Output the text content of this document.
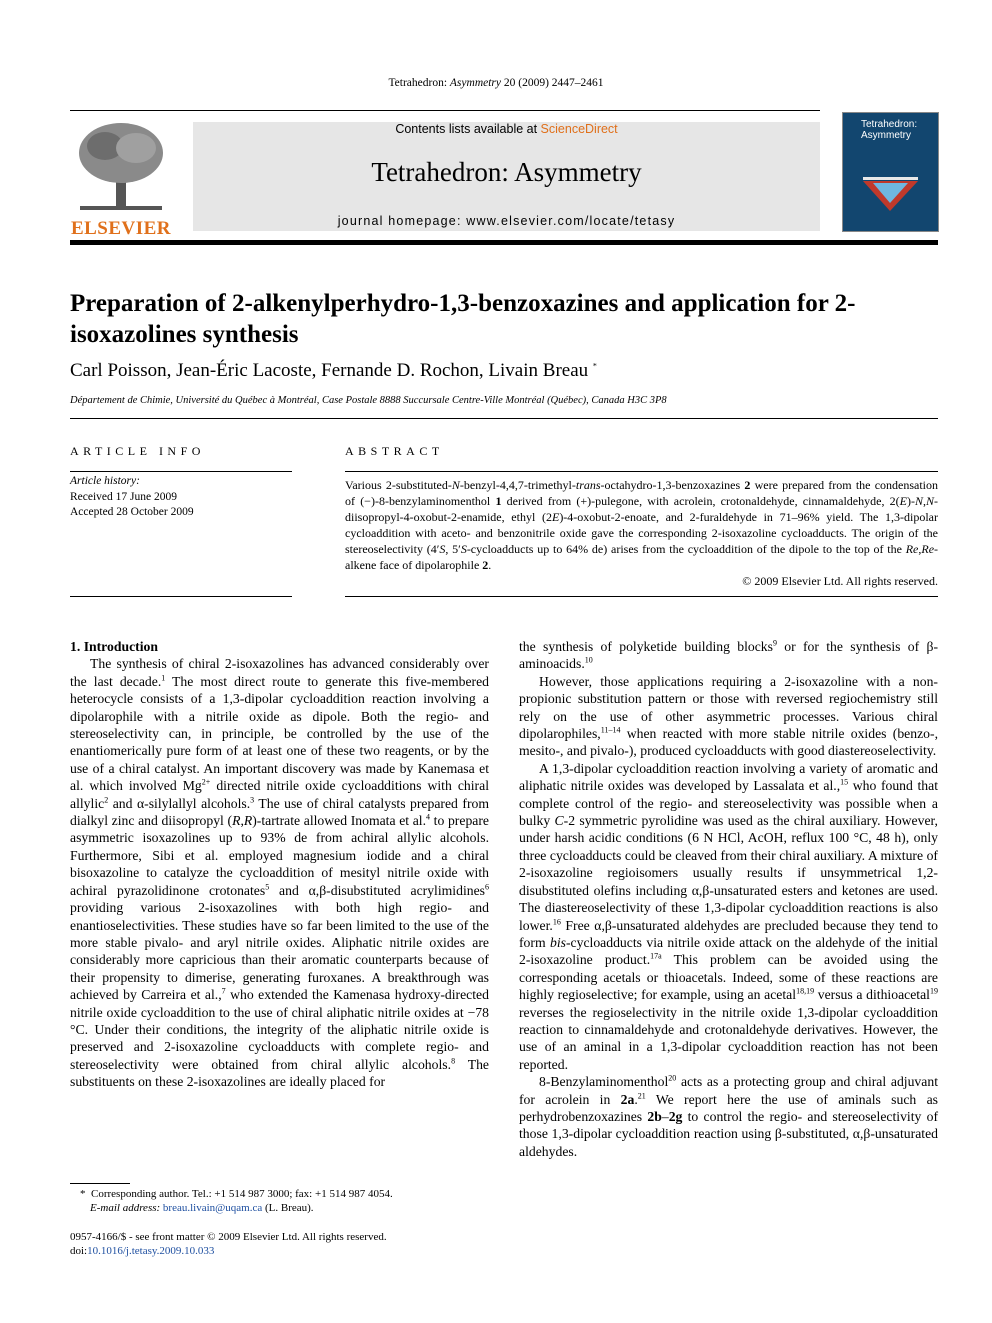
Tetrahedron: Asymmetry 20 (2009) 2447–2461
ELSEVIER
Contents lists available at ScienceDirect
Tetrahedron: Asymmetry
journal homepage: www.elsevier.com/locate/tetasy
Tetrahedron: Asymmetry
Preparation of 2-alkenylperhydro-1,3-benzoxazines and application for 2-isoxazolines synthesis
Carl Poisson, Jean-Éric Lacoste, Fernande D. Rochon, Livain Breau *
Département de Chimie, Université du Québec à Montréal, Case Postale 8888 Succursale Centre-Ville Montréal (Québec), Canada H3C 3P8
ARTICLE INFO
Article history:
Received 17 June 2009
Accepted 28 October 2009
ABSTRACT
Various 2-substituted-N-benzyl-4,4,7-trimethyl-trans-octahydro-1,3-benzoxazines 2 were prepared from the condensation of (−)-8-benzylaminomenthol 1 derived from (+)-pulegone, with acrolein, crotonaldehyde, cinnamaldehyde, 2(E)-N,N-diisopropyl-4-oxobut-2-enamide, ethyl (2E)-4-oxobut-2-enoate, and 2-furaldehyde in 71–96% yield. The 1,3-dipolar cycloaddition with aceto- and benzonitrile oxide gave the corresponding 2-isoxazoline cycloadducts. The origin of the stereoselectivity (4′S, 5′S-cycloadducts up to 64% de) arises from the cycloaddition of the dipole to the top of the Re,Re-alkene face of dipolarophile 2.
© 2009 Elsevier Ltd. All rights reserved.

1. Introduction

The synthesis of chiral 2-isoxazolines has advanced considerably over the last decade.$^1$ The most direct route to generate this five-membered heterocycle consists of a 1,3-dipolar cycloaddition reaction involving a dipolarophile with a nitrile oxide as dipole. Both the regio- and stereoselectivity can, in principle, be controlled by the use of the enantiomerically pure form of at least one of these two reagents, or by the use of a chiral catalyst. An important discovery was made by Kanemasa et al. which involved $Mg^{2+}$ directed nitrile oxide cycloadditions with chiral allylic$^2$ and α-silylallyl alcohols.$^3$ The use of chiral catalysts prepared from dialkyl zinc and diisopropyl (R,R)-tartrate allowed Inomata et al.$^4$ to prepare asymmetric isoxazolines up to 93% de from achiral allylic alcohols. Furthermore, Sibi et al. employed magnesium iodide and a chiral bisoxazoline to catalyze the cycloaddition of mesityl nitrile oxide with achiral pyrazolidinone crotonates$^5$ and α,β-disubstituted acrylimidines$^6$ providing various 2-isoxazolines with both high regio- and enantioselectivities. These studies have so far been limited to the use of the more stable pivalo- and aryl nitrile oxides. Aliphatic nitrile oxides are considerably more capricious than their aromatic counterparts because of their propensity to dimerise, generating furoxanes. A breakthrough was achieved by Carreira et al.,$^7$ who extended the Kamenasa hydroxy-directed nitrile oxide cycloaddition to the use of chiral aliphatic nitrile oxides at −78 °C. Under their conditions, the integrity of the aliphatic nitrile oxide is preserved and 2-isoxazoline cycloadducts with complete regio- and stereoselectivity were obtained from chiral allylic alcohols.$^8$ The substituents on these 2-isoxazolines are ideally placed for

the synthesis of polyketide building blocks$^9$ or for the synthesis of β-aminoacids.$^{10}$

However, those applications requiring a 2-isoxazoline with a non-propionic substitution pattern or those with reversed regiochemistry still rely on the use of other asymmetric processes. Various chiral dipolarophiles,$^{11-14}$ when reacted with more stable nitrile oxides (benzo-, mesito-, and pivalo-), produced cycloadducts with good diastereoselectivity.

A 1,3-dipolar cycloaddition reaction involving a variety of aromatic and aliphatic nitrile oxides was developed by Lassalata et al.,$^{15}$ who found that complete control of the regio- and stereoselectivity was possible when a bulky C-2 symmetric pyrolidine was used as the chiral auxiliary. However, under harsh acidic conditions (6 N HCl, AcOH, reflux 100 °C, 48 h), only three cycloadducts could be cleaved from their chiral auxiliary. A mixture of 2-isoxazoline regioisomers usually results if unsymmetrical 1,2-disubstituted olefins including α,β-unsaturated esters and ketones are used. The diastereoselectivity of these 1,3-dipolar cycloaddition reactions is also lower.$^{16}$ Free α,β-unsaturated aldehydes are precluded because they tend to form bis-cycloadducts via nitrile oxide attack on the aldehyde of the initial 2-isoxazoline product.$^{17a}$ This problem can be avoided using the corresponding acetals or thioacetals. Indeed, some of these reactions are highly regioselective; for example, using an acetal$^{18,19}$ versus a dithioacetal$^{19}$ reverses the regioselectivity in the nitrile oxide 1,3-dipolar cycloaddition reaction to cinnamaldehyde and crotonaldehyde derivatives. However, the use of an aminal in a 1,3-dipolar cycloaddition reaction has not been reported.

8-Benzylaminomenthol$^{20}$ acts as a protecting group and chiral adjuvant for acrolein in 2a.$^{21}$ We report here the use of aminals such as perhydrobenzoxazines 2b–2g to control the regio- and stereoselectivity of those 1,3-dipolar cycloaddition reaction using β-substituted, α,β-unsaturated aldehydes.

* Corresponding author. Tel.: +1 514 987 3000; fax: +1 514 987 4054.
E-mail address: breau.livain@uqam.ca (L. Breau).
0957-4166/$ - see front matter © 2009 Elsevier Ltd. All rights reserved.
doi:10.1016/j.tetasy.2009.10.033
